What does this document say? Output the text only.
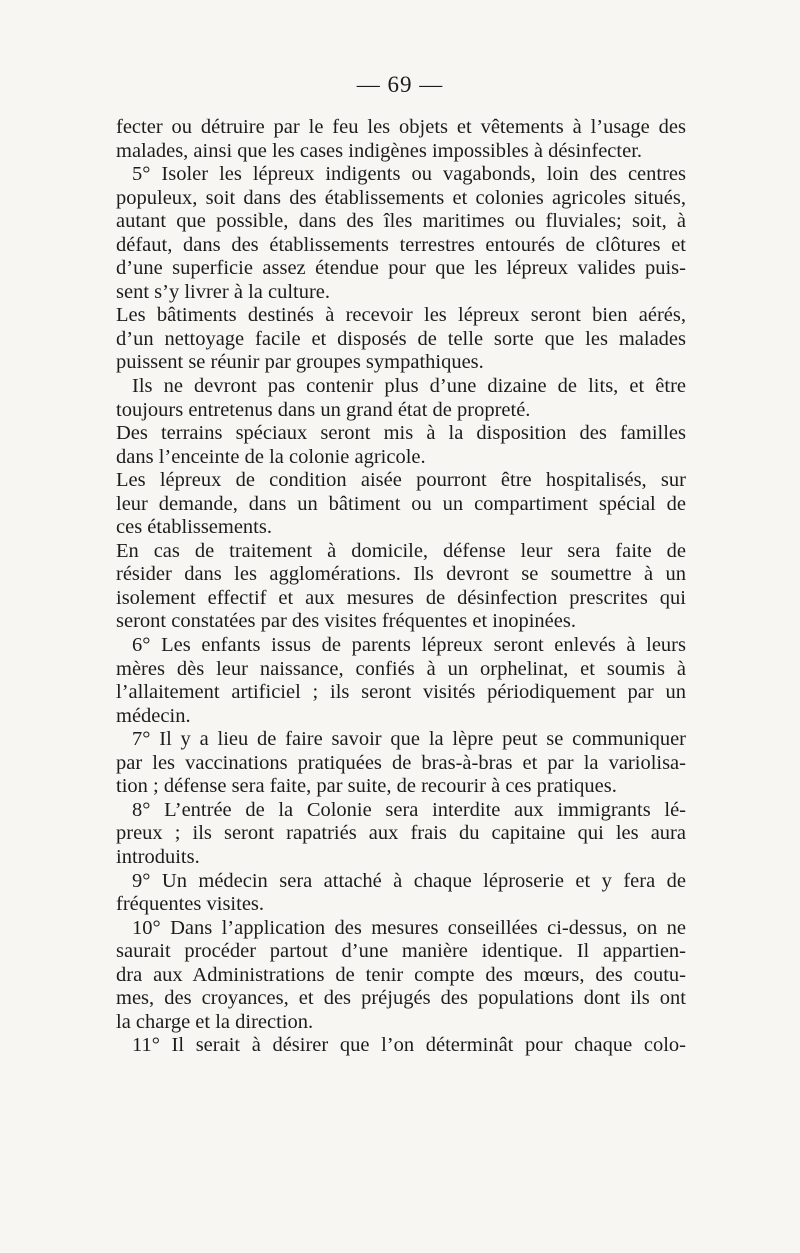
— 69 —
fecter ou détruire par le feu les objets et vêtements à l’usage des
malades, ainsi que les cases indigènes impossibles à désinfecter.
5° Isoler les lépreux indigents ou vagabonds, loin des centres
populeux, soit dans des établissements et colonies agricoles situés,
autant que possible, dans des îles maritimes ou fluviales; soit, à
défaut, dans des établissements terrestres entourés de clôtures et
d’une superficie assez étendue pour que les lépreux valides puis-
sent s’y livrer à la culture.
Les bâtiments destinés à recevoir les lépreux seront bien aérés,
d’un nettoyage facile et disposés de telle sorte que les malades
puissent se réunir par groupes sympathiques.
Ils ne devront pas contenir plus d’une dizaine de lits, et être
toujours entretenus dans un grand état de propreté.
Des terrains spéciaux seront mis à la disposition des familles
dans l’enceinte de la colonie agricole.
Les lépreux de condition aisée pourront être hospitalisés, sur
leur demande, dans un bâtiment ou un compartiment spécial de
ces établissements.
En cas de traitement à domicile, défense leur sera faite de
résider dans les agglomérations. Ils devront se soumettre à un
isolement effectif et aux mesures de désinfection prescrites qui
seront constatées par des visites fréquentes et inopinées.
6° Les enfants issus de parents lépreux seront enlevés à leurs
mères dès leur naissance, confiés à un orphelinat, et soumis à
l’allaitement artificiel ; ils seront visités périodiquement par un
médecin.
7° Il y a lieu de faire savoir que la lèpre peut se communiquer
par les vaccinations pratiquées de bras-à-bras et par la variolisa-
tion ; défense sera faite, par suite, de recourir à ces pratiques.
8° L’entrée de la Colonie sera interdite aux immigrants lé-
preux ; ils seront rapatriés aux frais du capitaine qui les aura
introduits.
9° Un médecin sera attaché à chaque léproserie et y fera de
fréquentes visites.
10° Dans l’application des mesures conseillées ci-dessus, on ne
saurait procéder partout d’une manière identique. Il appartien-
dra aux Administrations de tenir compte des mœurs, des coutu-
mes, des croyances, et des préjugés des populations dont ils ont
la charge et la direction.
11° Il serait à désirer que l’on déterminât pour chaque colo-
